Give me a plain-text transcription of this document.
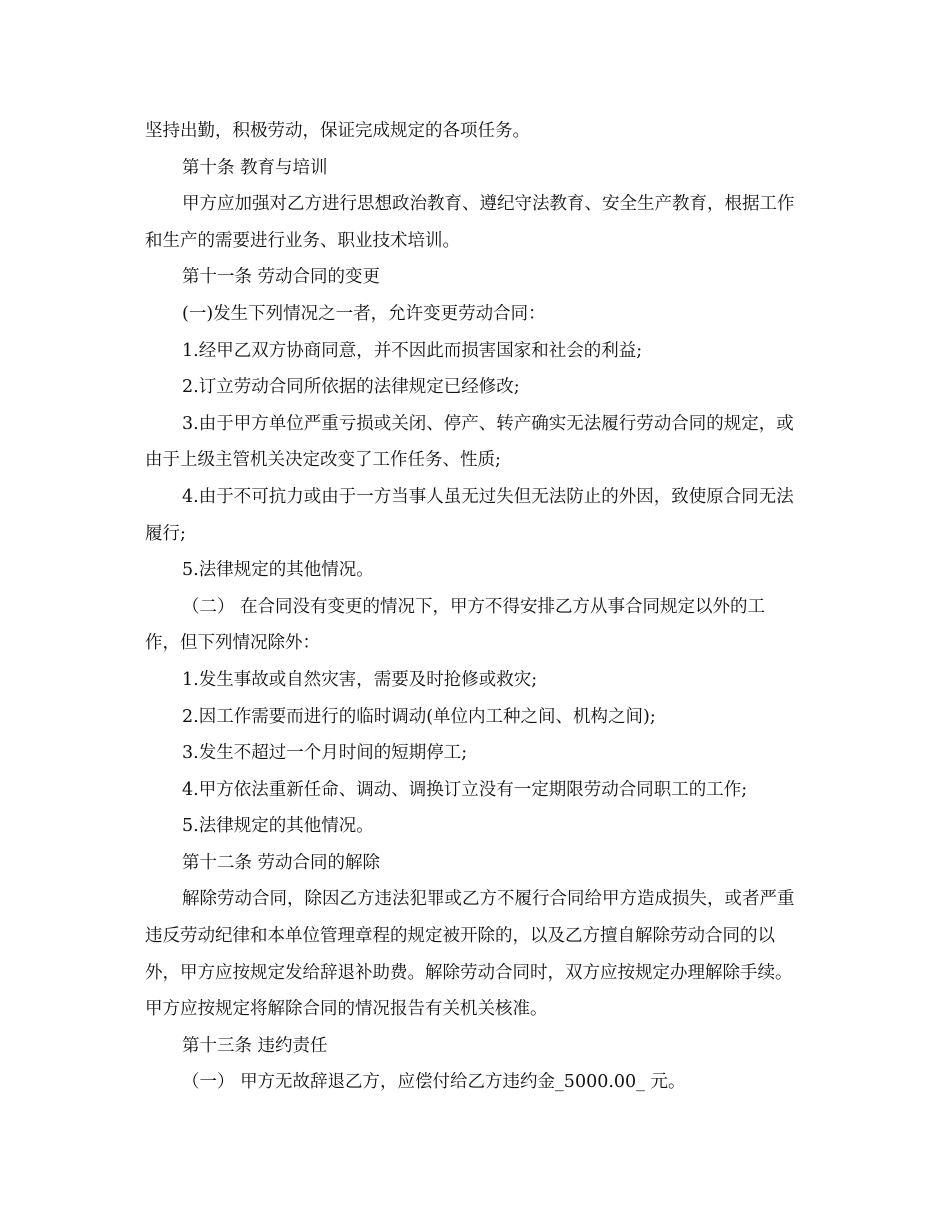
坚持出勤，积极劳动，保证完成规定的各项任务。

第十条 教育与培训

甲方应加强对乙方进行思想政治教育、遵纪守法教育、安全生产教育，根据工作和生产的需要进行业务、职业技术培训。

第十一条 劳动合同的变更

(一)发生下列情况之一者，允许变更劳动合同：

1.经甲乙双方协商同意，并不因此而损害国家和社会的利益;

2.订立劳动合同所依据的法律规定已经修改;

3.由于甲方单位严重亏损或关闭、停产、转产确实无法履行劳动合同的规定，或由于上级主管机关决定改变了工作任务、性质;

4.由于不可抗力或由于一方当事人虽无过失但无法防止的外因，致使原合同无法履行;

5.法律规定的其他情况。

（二） 在合同没有变更的情况下，甲方不得安排乙方从事合同规定以外的工作，但下列情况除外：

1.发生事故或自然灾害，需要及时抢修或救灾;

2.因工作需要而进行的临时调动(单位内工种之间、机构之间);

3.发生不超过一个月时间的短期停工;

4.甲方依法重新任命、调动、调换订立没有一定期限劳动合同职工的工作;

5.法律规定的其他情况。

第十二条 劳动合同的解除

解除劳动合同，除因乙方违法犯罪或乙方不履行合同给甲方造成损失，或者严重违反劳动纪律和本单位管理章程的规定被开除的，以及乙方擅自解除劳动合同的以外，甲方应按规定发给辞退补助费。解除劳动合同时，双方应按规定办理解除手续。甲方应按规定将解除合同的情况报告有关机关核准。

第十三条 违约责任

（一） 甲方无故辞退乙方，应偿付给乙方违约金_5000.00_ 元。
